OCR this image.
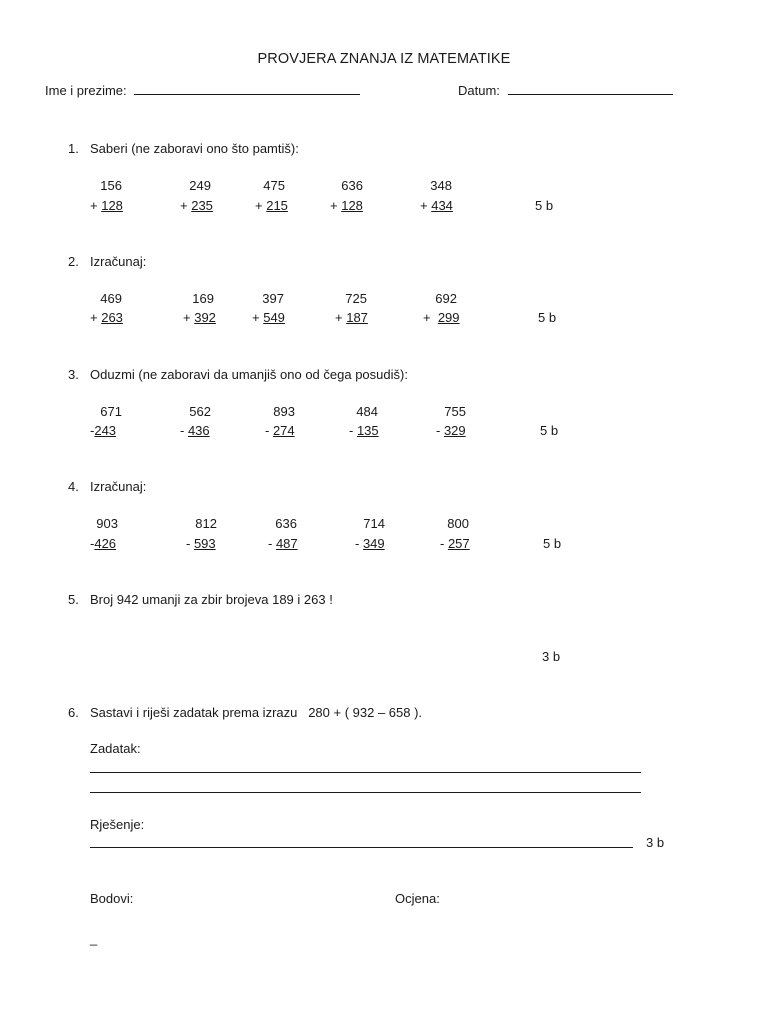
PROVJERA ZNANJA IZ MATEMATIKE
Ime i prezime:	Datum:
1. Saberi (ne zaboravi ono što pamtiš):
156
+ 128
249
+ 235
475
+ 215
636
+ 128
348
+ 434	5 b
2. Izračunaj:
469
+ 263
169
+ 392
397
+ 549
725
+ 187
692
+  299	5 b
3. Oduzmi (ne zaboravi da umanjiš ono od čega posudiš):
671
-243
562
- 436
893
- 274
484
- 135
755
- 329	5 b
4. Izračunaj:
903
-426
812
- 593
636
- 487
714
- 349
800
- 257	5 b
5. Broj 942 umanji za zbir brojeva 189 i 263 !
3 b
6. Sastavi i riješi zadatak prema izrazu   280 + ( 932 – 658 ).
Zadatak:
Rješenje:
3 b
Bodovi:	Ocjena:
_
